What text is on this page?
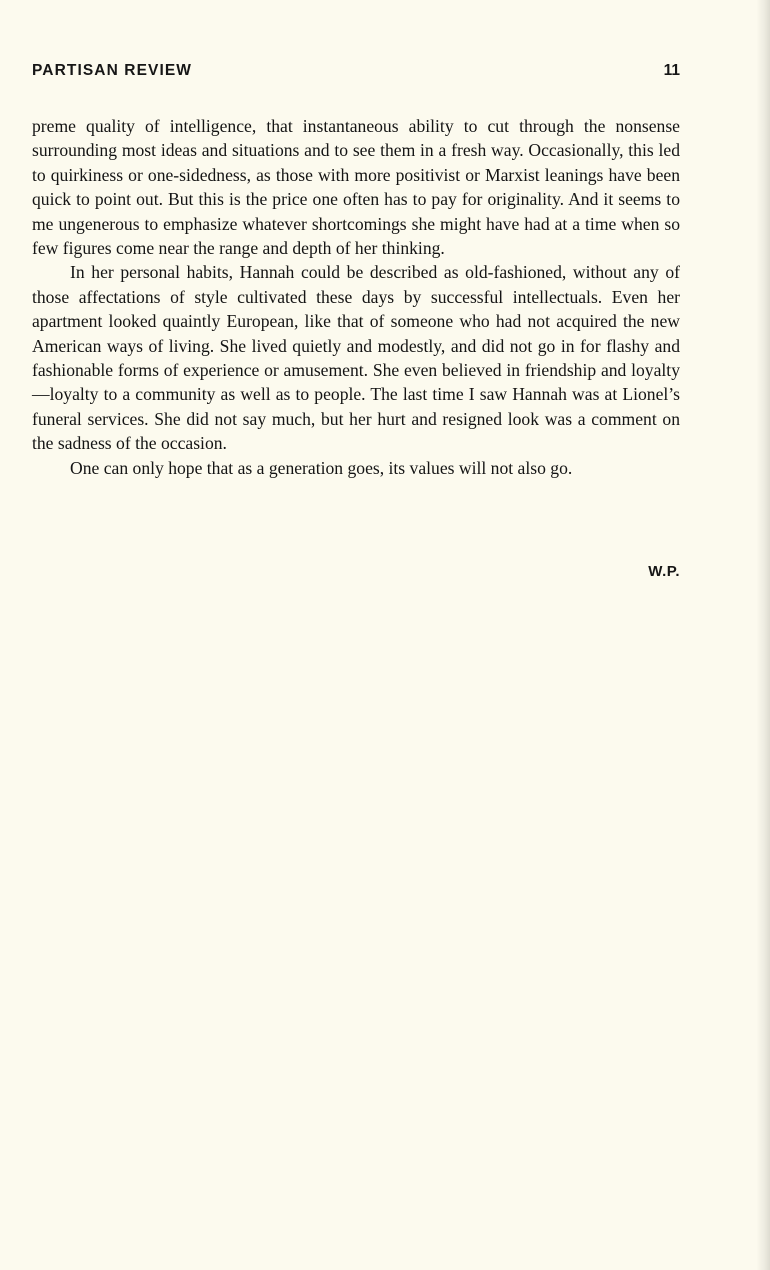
PARTISAN REVIEW	11

preme quality of intelligence, that instantaneous ability to cut through the nonsense surrounding most ideas and situations and to see them in a fresh way. Occasionally, this led to quirkiness or one-sidedness, as those with more positivist or Marxist leanings have been quick to point out. But this is the price one often has to pay for originality. And it seems to me ungenerous to emphasize whatever shortcomings she might have had at a time when so few figures come near the range and depth of her thinking.

In her personal habits, Hannah could be described as old-fashioned, without any of those affectations of style cultivated these days by successful intellectuals. Even her apartment looked quaintly European, like that of someone who had not acquired the new American ways of living. She lived quietly and modestly, and did not go in for flashy and fashionable forms of experience or amusement. She even believed in friendship and loyalty—loyalty to a community as well as to people. The last time I saw Hannah was at Lionel’s funeral services. She did not say much, but her hurt and resigned look was a comment on the sadness of the occasion.

One can only hope that as a generation goes, its values will not also go.

W.P.
